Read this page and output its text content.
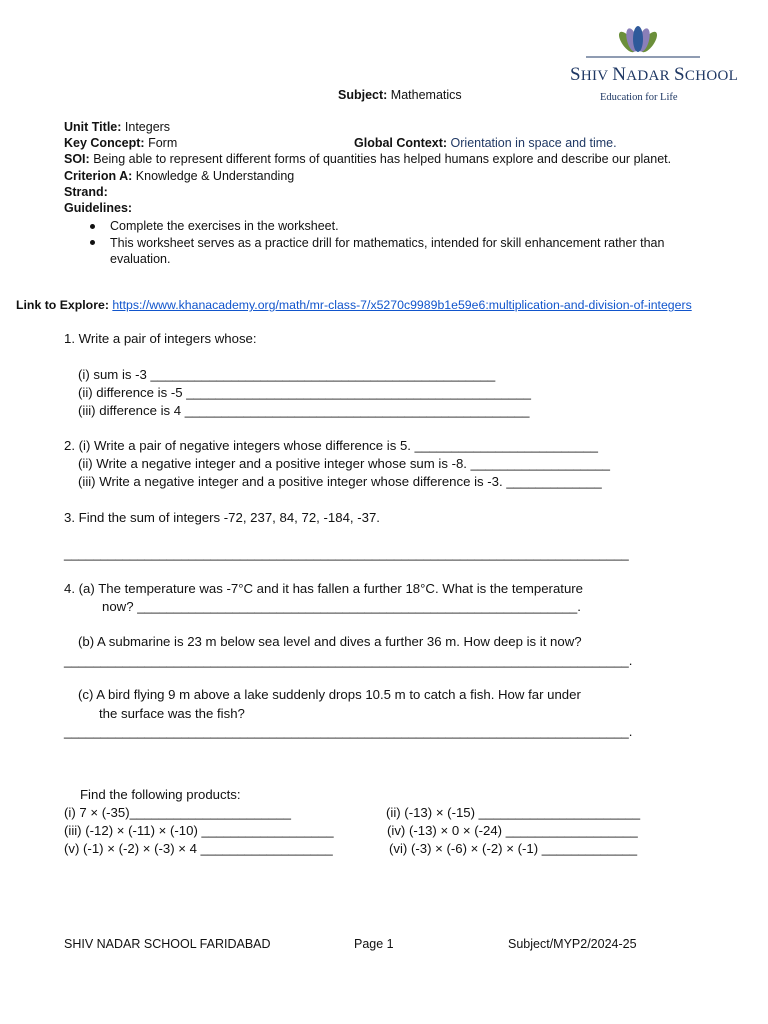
SHIV NADAR SCHOOL
Education for Life
Subject: Mathematics
Unit Title: Integers
Key Concept: Form	Global Context: Orientation in space and time.
SOI: Being able to represent different forms of quantities has helped humans explore and describe our planet.
Criterion A: Knowledge & Understanding
Strand:
Guidelines:
Complete the exercises in the worksheet.
This worksheet serves as a practice drill for mathematics, intended for skill enhancement rather than
evaluation.
Link to Explore: https://www.khanacademy.org/math/mr-class-7/x5270c9989b1e59e6:multiplication-and-division-of-integers
1. Write a pair of integers whose:
(i) sum is -3 _______________________________________________
(ii) difference is -5 _______________________________________________
(iii) difference is 4 _______________________________________________
2. (i) Write a pair of negative integers whose difference is 5. _________________________
(ii) Write a negative integer and a positive integer whose sum is -8. ___________________
(iii) Write a negative integer and a positive integer whose difference is -3. _____________
3. Find the sum of integers -72, 237, 84, 72, -184, -37.
_____________________________________________________________________________
4. (a) The temperature was -7°C and it has fallen a further 18°C. What is the temperature
now? ____________________________________________________________.
(b) A submarine is 23 m below sea level and dives a further 36 m. How deep is it now?
_____________________________________________________________________________.
(c) A bird flying 9 m above a lake suddenly drops 10.5 m to catch a fish. How far under
the surface was the fish?
_____________________________________________________________________________.
Find the following products:
(i) 7 × (-35)______________________	(ii) (-13) × (-15) ______________________
(iii) (-12) × (-11) × (-10) __________________	(iv) (-13) × 0 × (-24) __________________
(v) (-1) × (-2) × (-3) × 4 __________________	(vi) (-3) × (-6) × (-2) × (-1) _____________
SHIV NADAR SCHOOL FARIDABAD	Page 1	Subject/MYP2/2024-25
